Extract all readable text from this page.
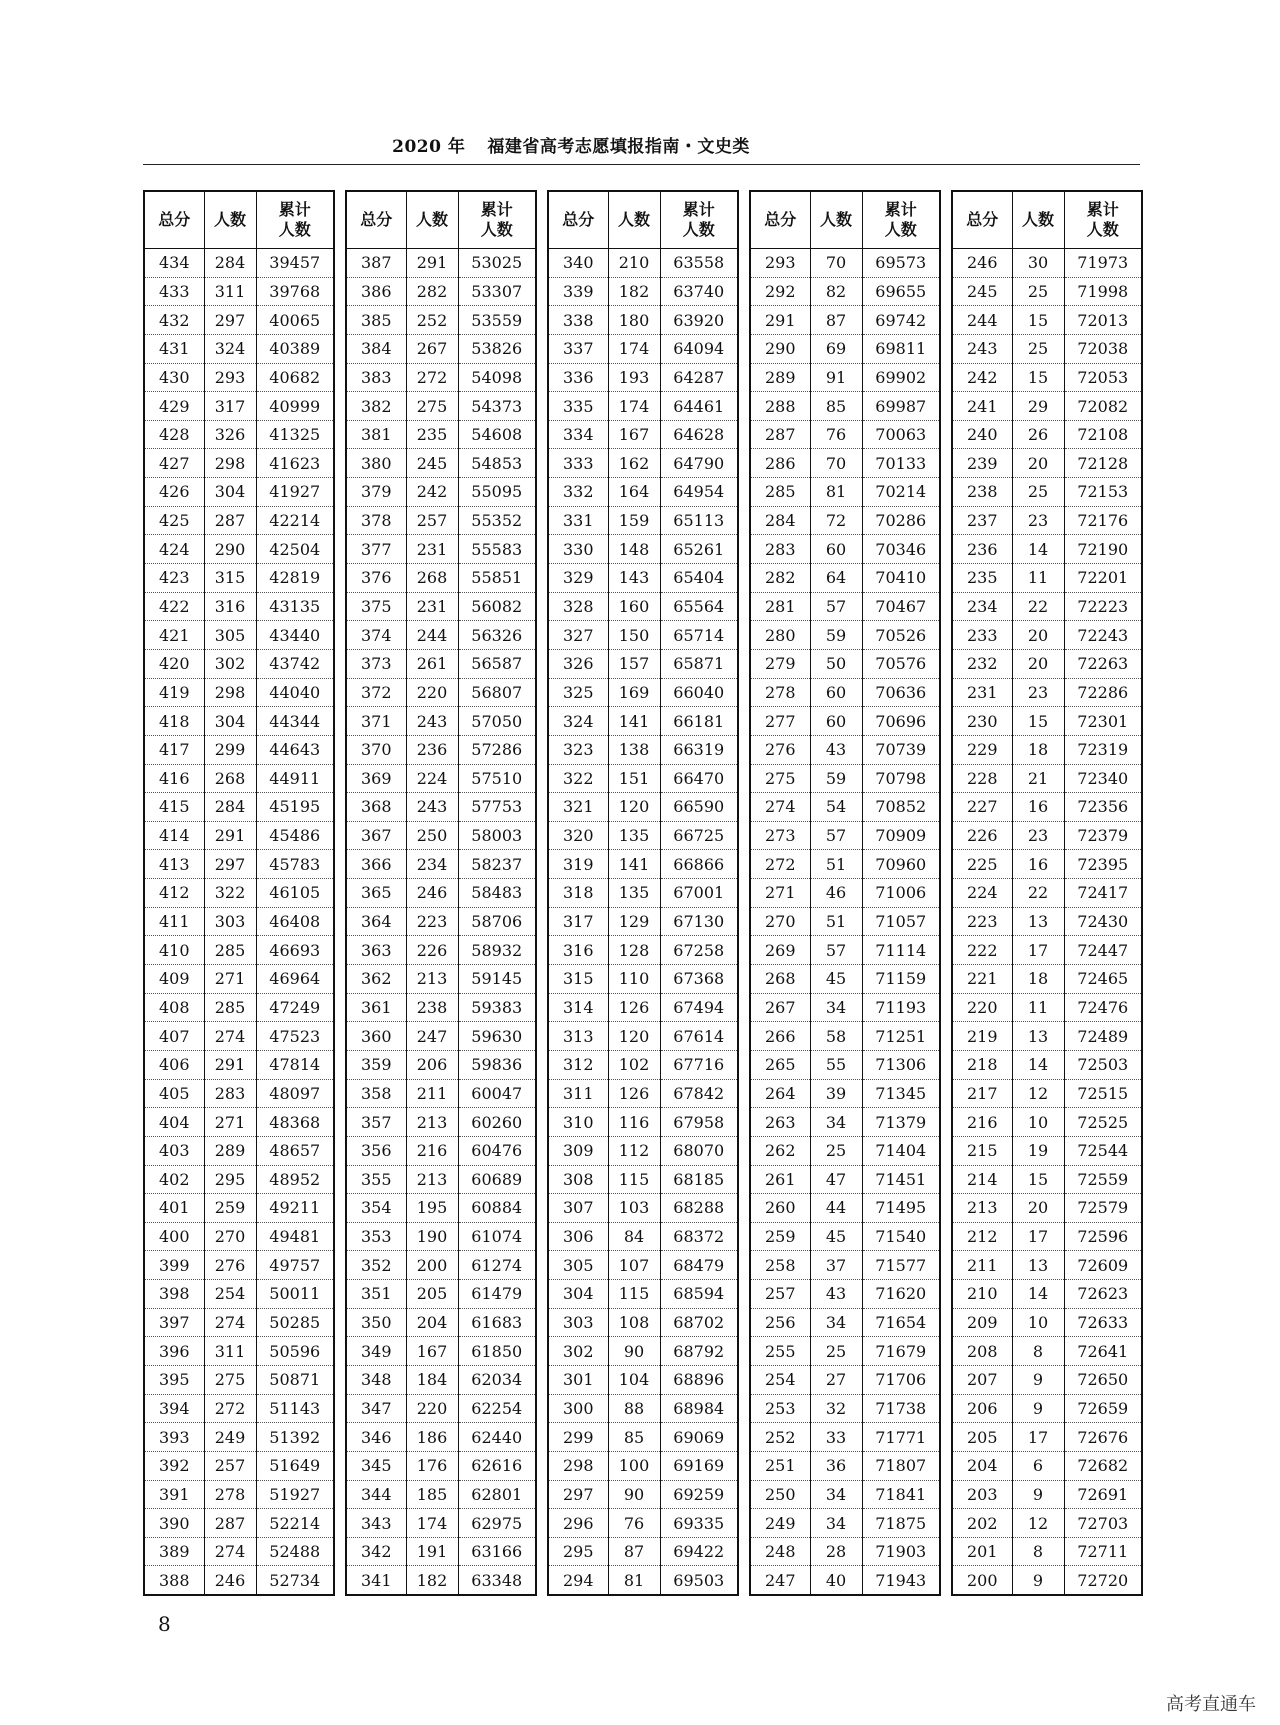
2020 年 福建省高考志愿填报指南・文史类
总分	人数	累计
人数
434	284	39457
433	311	39768
432	297	40065
431	324	40389
430	293	40682
429	317	40999
428	326	41325
427	298	41623
426	304	41927
425	287	42214
424	290	42504
423	315	42819
422	316	43135
421	305	43440
420	302	43742
419	298	44040
418	304	44344
417	299	44643
416	268	44911
415	284	45195
414	291	45486
413	297	45783
412	322	46105
411	303	46408
410	285	46693
409	271	46964
408	285	47249
407	274	47523
406	291	47814
405	283	48097
404	271	48368
403	289	48657
402	295	48952
401	259	49211
400	270	49481
399	276	49757
398	254	50011
397	274	50285
396	311	50596
395	275	50871
394	272	51143
393	249	51392
392	257	51649
391	278	51927
390	287	52214
389	274	52488
388	246	52734
总分	人数	累计
人数
387	291	53025
386	282	53307
385	252	53559
384	267	53826
383	272	54098
382	275	54373
381	235	54608
380	245	54853
379	242	55095
378	257	55352
377	231	55583
376	268	55851
375	231	56082
374	244	56326
373	261	56587
372	220	56807
371	243	57050
370	236	57286
369	224	57510
368	243	57753
367	250	58003
366	234	58237
365	246	58483
364	223	58706
363	226	58932
362	213	59145
361	238	59383
360	247	59630
359	206	59836
358	211	60047
357	213	60260
356	216	60476
355	213	60689
354	195	60884
353	190	61074
352	200	61274
351	205	61479
350	204	61683
349	167	61850
348	184	62034
347	220	62254
346	186	62440
345	176	62616
344	185	62801
343	174	62975
342	191	63166
341	182	63348
总分	人数	累计
人数
340	210	63558
339	182	63740
338	180	63920
337	174	64094
336	193	64287
335	174	64461
334	167	64628
333	162	64790
332	164	64954
331	159	65113
330	148	65261
329	143	65404
328	160	65564
327	150	65714
326	157	65871
325	169	66040
324	141	66181
323	138	66319
322	151	66470
321	120	66590
320	135	66725
319	141	66866
318	135	67001
317	129	67130
316	128	67258
315	110	67368
314	126	67494
313	120	67614
312	102	67716
311	126	67842
310	116	67958
309	112	68070
308	115	68185
307	103	68288
306	84	68372
305	107	68479
304	115	68594
303	108	68702
302	90	68792
301	104	68896
300	88	68984
299	85	69069
298	100	69169
297	90	69259
296	76	69335
295	87	69422
294	81	69503
总分	人数	累计
人数
293	70	69573
292	82	69655
291	87	69742
290	69	69811
289	91	69902
288	85	69987
287	76	70063
286	70	70133
285	81	70214
284	72	70286
283	60	70346
282	64	70410
281	57	70467
280	59	70526
279	50	70576
278	60	70636
277	60	70696
276	43	70739
275	59	70798
274	54	70852
273	57	70909
272	51	70960
271	46	71006
270	51	71057
269	57	71114
268	45	71159
267	34	71193
266	58	71251
265	55	71306
264	39	71345
263	34	71379
262	25	71404
261	47	71451
260	44	71495
259	45	71540
258	37	71577
257	43	71620
256	34	71654
255	25	71679
254	27	71706
253	32	71738
252	33	71771
251	36	71807
250	34	71841
249	34	71875
248	28	71903
247	40	71943
总分	人数	累计
人数
246	30	71973
245	25	71998
244	15	72013
243	25	72038
242	15	72053
241	29	72082
240	26	72108
239	20	72128
238	25	72153
237	23	72176
236	14	72190
235	11	72201
234	22	72223
233	20	72243
232	20	72263
231	23	72286
230	15	72301
229	18	72319
228	21	72340
227	16	72356
226	23	72379
225	16	72395
224	22	72417
223	13	72430
222	17	72447
221	18	72465
220	11	72476
219	13	72489
218	14	72503
217	12	72515
216	10	72525
215	19	72544
214	15	72559
213	20	72579
212	17	72596
211	13	72609
210	14	72623
209	10	72633
208	8	72641
207	9	72650
206	9	72659
205	17	72676
204	6	72682
203	9	72691
202	12	72703
201	8	72711
200	9	72720
8
高考直通车
